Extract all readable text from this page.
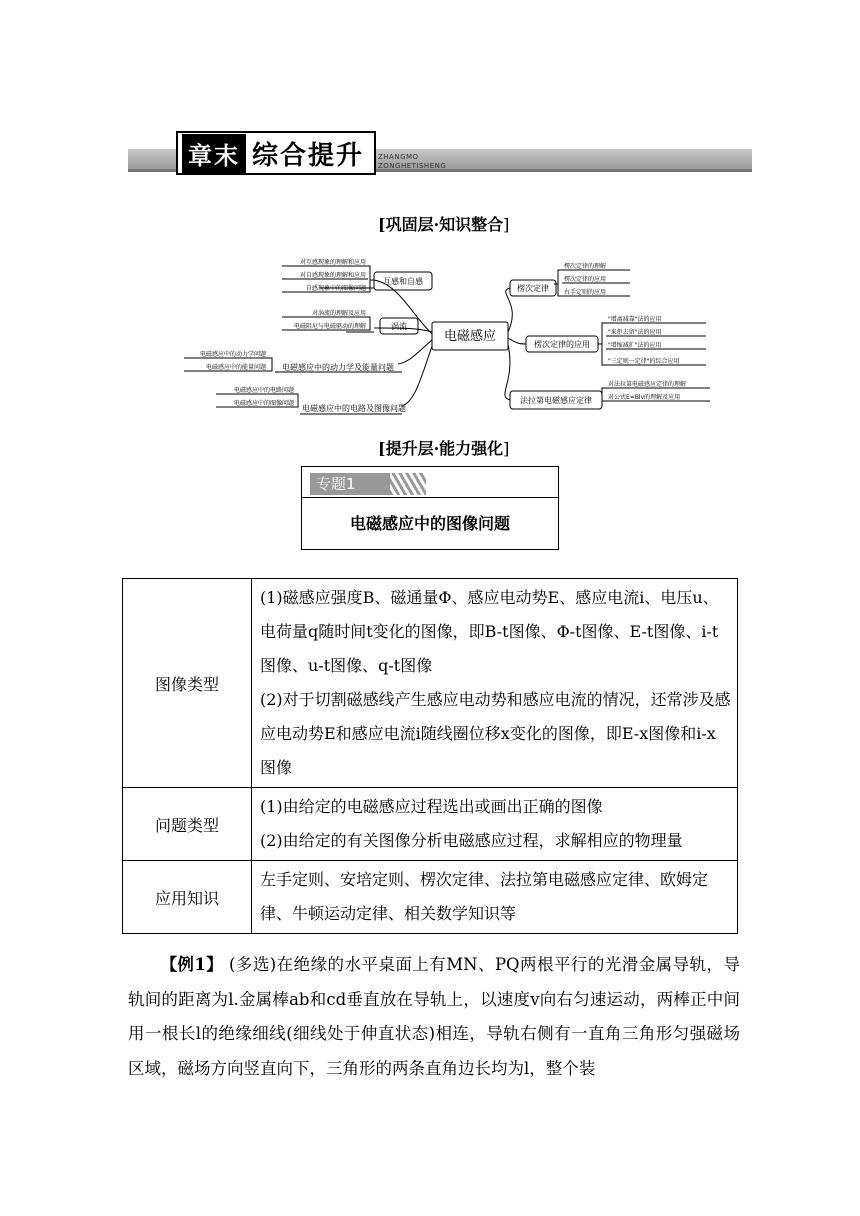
章末 综合提升 ZHANGMO
ZONGHETISHENG
[巩固层·知识整合]
互感和自感
涡流
电磁感应中的动力学及能量问题
电磁感应中的电路及图像问题
楞次定律
楞次定律的应用
法拉第电磁感应定律
电磁感应
对互感现象的理解和应用
对自感现象的理解和应用
自感现象中的图像问题
对涡流的理解及应用
电磁阻尼与电磁驱动的理解
电磁感应中的动力学问题
电磁感应中的能量问题
电磁感应中的电路问题
电磁感应中的图像问题
楞次定律的理解
楞次定律的应用
右手定则的应用
"增离减靠"法的应用
"来拒去留"法的应用
"增缩减扩"法的应用
"三定则一定律"的综合应用
对法拉第电磁感应定律的理解
对公式E=Blv的理解及应用
[提升层·能力强化]
专题1
电磁感应中的图像问题
图像类型	(1)磁感应强度B、磁通量Φ、感应电动势E、感应电流i、电压u、电荷量q随时间t变化的图像，即B-t图像、Φ-t图像、E-t图像、i-t图像、u-t图像、q-t图像
(2)对于切割磁感线产生感应电动势和感应电流的情况，还常涉及感应电动势E和感应电流i随线圈位移x变化的图像，即E-x图像和i-x图像

问题类型	(1)由给定的电磁感应过程选出或画出正确的图像
(2)由给定的有关图像分析电磁感应过程，求解相应的物理量

应用知识	左手定则、安培定则、楞次定律、法拉第电磁感应定律、欧姆定律、牛顿运动定律、相关数学知识等
【例1】 (多选)在绝缘的水平桌面上有MN、PQ两根平行的光滑金属导轨，导轨间的距离为l.金属棒ab和cd垂直放在导轨上，以速度v向右匀速运动，两棒正中间用一根长l的绝缘细线(细线处于伸直状态)相连，导轨右侧有一直角三角形匀强磁场区域，磁场方向竖直向下，三角形的两条直角边长均为l，整个装
